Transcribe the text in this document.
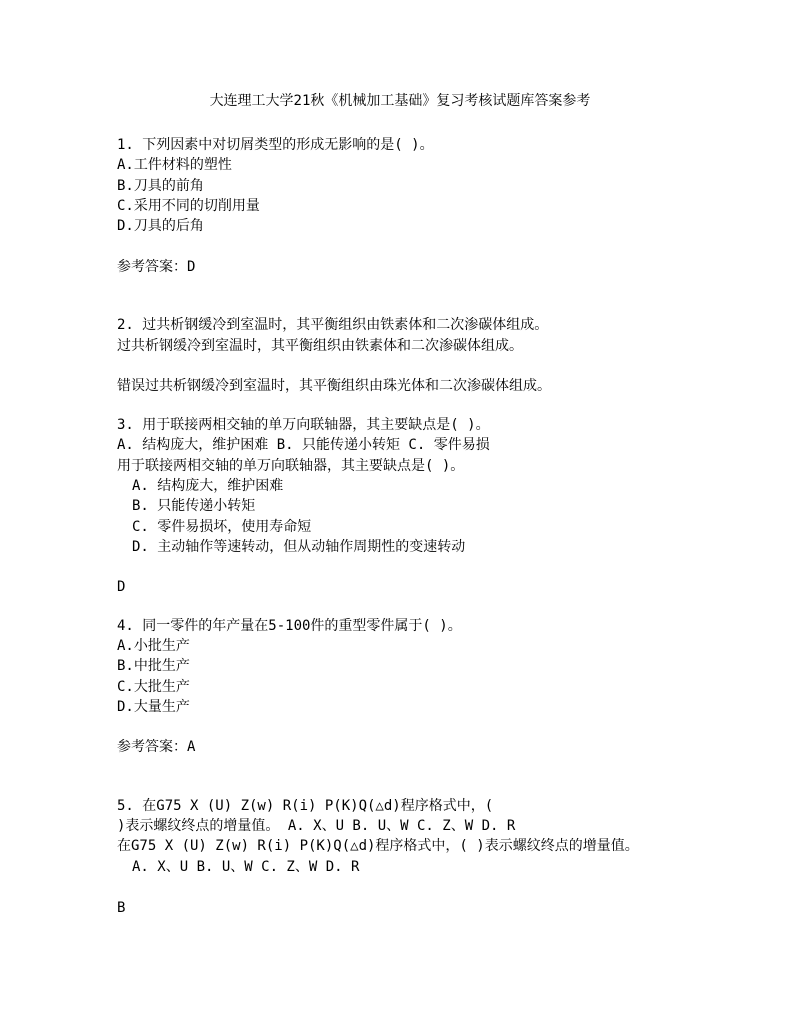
大连理工大学21秋《机械加工基础》复习考核试题库答案参考
1. 下列因素中对切屑类型的形成无影响的是( )。
A.工件材料的塑性
B.刀具的前角
C.采用不同的切削用量
D.刀具的后角
参考答案：D
2. 过共析钢缓冷到室温时，其平衡组织由铁素体和二次渗碳体组成。
过共析钢缓冷到室温时，其平衡组织由铁素体和二次渗碳体组成。
错误过共析钢缓冷到室温时，其平衡组织由珠光体和二次渗碳体组成。
3. 用于联接两相交轴的单万向联轴器，其主要缺点是( )。
A. 结构庞大，维护困难 B. 只能传递小转矩 C. 零件易损
用于联接两相交轴的单万向联轴器，其主要缺点是( )。
A. 结构庞大，维护困难
B. 只能传递小转矩
C. 零件易损坏，使用寿命短
D. 主动轴作等速转动，但从动轴作周期性的变速转动
D
4. 同一零件的年产量在5-100件的重型零件属于( )。
A.小批生产
B.中批生产
C.大批生产
D.大量生产
参考答案：A
5. 在G75 X (U) Z(w) R(i) P(K)Q(△d)程序格式中，(
)表示螺纹终点的增量值。 A. X、U B. U、W C. Z、W D. R
在G75 X (U) Z(w) R(i) P(K)Q(△d)程序格式中，( )表示螺纹终点的增量值。
A. X、U B. U、W C. Z、W D. R
B
